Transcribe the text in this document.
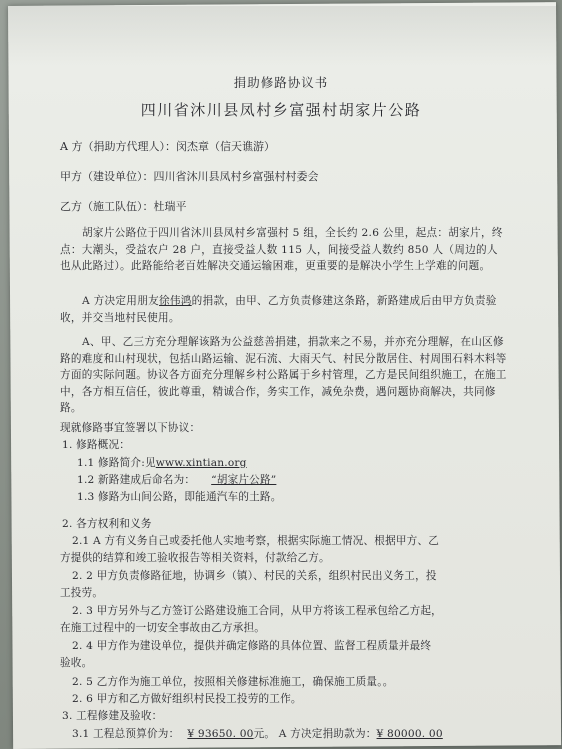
捐助修路协议书
四川省沐川县凤村乡富强村胡家片公路
A 方（捐助方代理人）：闵杰章（信天谯游）
甲方（建设单位）：四川省沐川县凤村乡富强村村委会
乙方（施工队伍）：杜瑞平
胡家片公路位于四川省沐川县凤村乡富强村 5 组，全长约 2.6 公里，起点：胡家片，终点：大潮头，受益农户 28 户，直接受益人数 115 人，间接受益人数约 850 人（周边的人也从此路过）。此路能给老百姓解决交通运输困难，更重要的是解决小学生上学难的问题。
A 方决定用朋友徐伟鸿的捐款，由甲、乙方负责修建这条路，新路建成后由甲方负责验收，并交当地村民使用。
A、甲、乙三方充分理解该路为公益慈善捐建，捐款来之不易，并亦充分理解，在山区修路的难度和山村现状，包括山路运输、泥石流、大雨天气、村民分散居住、村周围石料木料等方面的实际问题。协议各方面充分理解乡村公路属于乡村管理，乙方是民间组织施工，在施工中，各方相互信任，彼此尊重，精诚合作，务实工作，减免杂费，遇问题协商解决，共同修路。
现就修路事宜签署以下协议：
1. 修路概况：
1.1 修路简介:见www.xintian.org
1.2 新路建成后命名为： “胡家片公路”
1.3 修路为山间公路，即能通汽车的土路。
2. 各方权利和义务
2.1 A 方有义务自己或委托他人实地考察，根据实际施工情况、根据甲方、乙
方提供的结算和竣工验收报告等相关资料，付款给乙方。
2. 2 甲方负责修路征地，协调乡（镇）、村民的关系，组织村民出义务工，投
工投劳。
2. 3 甲方另外与乙方签订公路建设施工合同，从甲方将该工程承包给乙方起，
在施工过程中的一切安全事故由乙方承担。
2. 4 甲方作为建设单位，提供并确定修路的具体位置、监督工程质量并最终
验收。
2. 5 乙方作为施工单位，按照相关修建标准施工，确保施工质量。。
2. 6 甲方和乙方做好组织村民投工投劳的工作。
3. 工程修建及验收：
3.1 工程总预算价为： ¥ 93650. 00元。 A 方决定捐助款为：¥ 80000. 00
